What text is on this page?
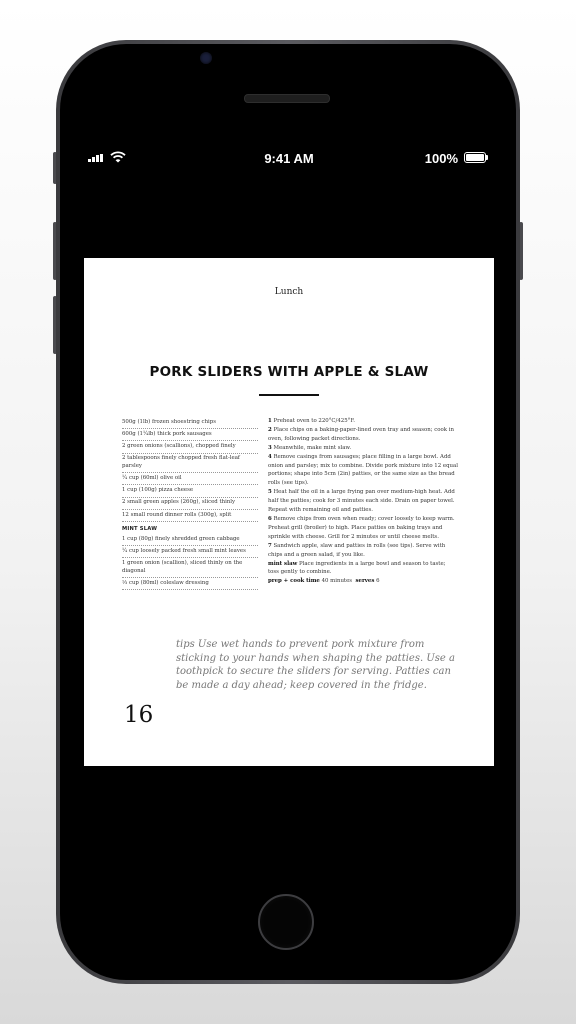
9:41 AM	100%
Lunch
PORK SLIDERS WITH APPLE & SLAW
500g (1lb) frozen shoestring chips
600g (1¼lb) thick pork sausages
2 green onions (scallions), chopped finely
2 tablespoons finely chopped fresh flat-leaf parsley
¼ cup (60ml) olive oil
1 cup (100g) pizza cheese
2 small green apples (260g), sliced thinly
12 small round dinner rolls (300g), split
MINT SLAW
1 cup (80g) finely shredded green cabbage
¼ cup loosely packed fresh small mint leaves
1 green onion (scallion), sliced thinly on the diagonal
⅓ cup (80ml) coleslaw dressing
1 Preheat oven to 220°C/425°F.
2 Place chips on a baking-paper-lined oven tray and season; cook in oven, following packet directions.
3 Meanwhile, make mint slaw.
4 Remove casings from sausages; place filling in a large bowl. Add onion and parsley; mix to combine. Divide pork mixture into 12 equal portions; shape into 5cm (2in) patties, or the same size as the bread rolls (see tips).
5 Heat half the oil in a large frying pan over medium-high heat. Add half the patties; cook for 3 minutes each side. Drain on paper towel. Repeat with remaining oil and patties.
6 Remove chips from oven when ready; cover loosely to keep warm. Preheat grill (broiler) to high. Place patties on baking trays and sprinkle with cheese. Grill for 2 minutes or until cheese melts.
7 Sandwich apple, slaw and patties in rolls (see tips). Serve with chips and a green salad, if you like.
mint slaw Place ingredients in a large bowl and season to taste; toss gently to combine.
prep + cook time 40 minutes serves 6
tips Use wet hands to prevent pork mixture from sticking to your hands when shaping the patties. Use a toothpick to secure the sliders for serving. Patties can be made a day ahead; keep covered in the fridge.
16
